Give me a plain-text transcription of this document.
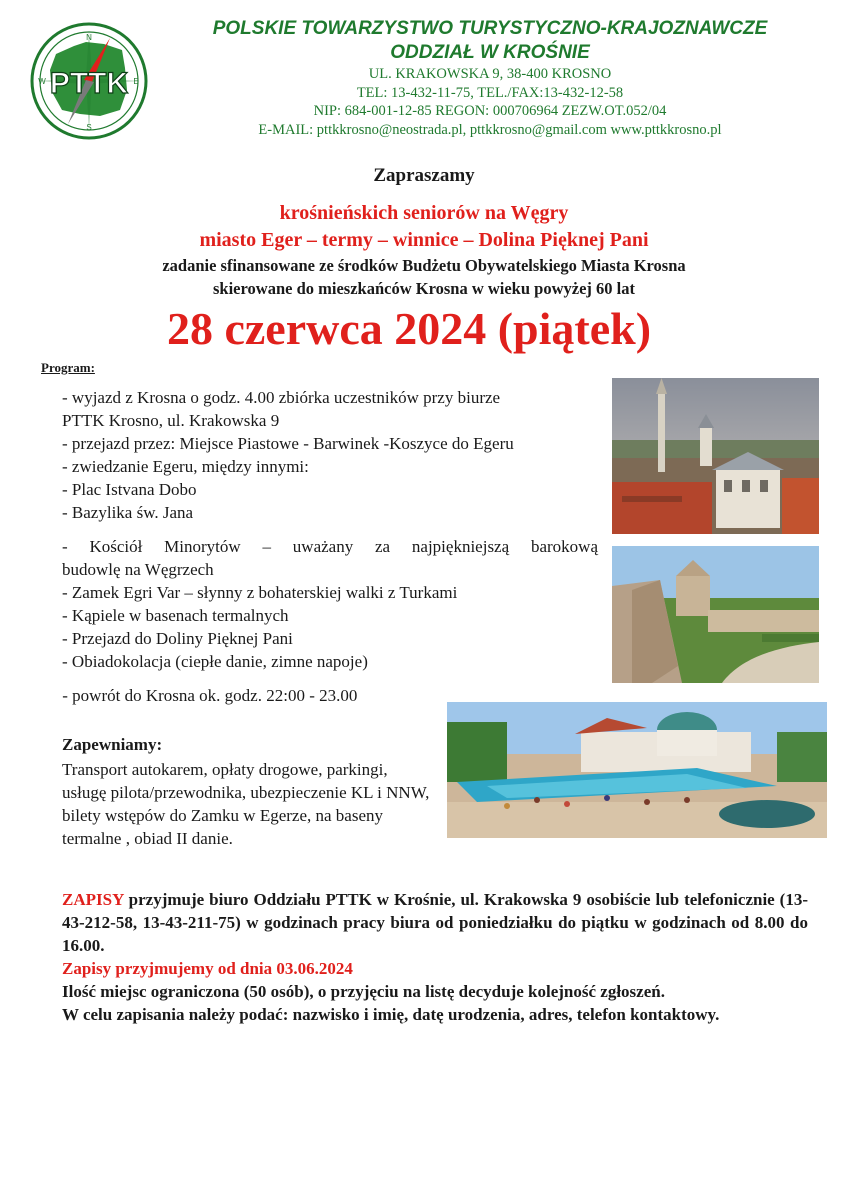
PTTK
N
E
S
W
POLSKIE TOWARZYSTWO TURYSTYCZNO-KRAJOZNAWCZE
ODDZIAŁ W KROŚNIE
UL. KRAKOWSKA 9, 38-400 KROSNO
TEL: 13-432-11-75, TEL./FAX:13-432-12-58
NIP: 684-001-12-85 REGON: 000706964 ZEZW.OT.052/04
E-MAIL: pttkkrosno@neostrada.pl, pttkkrosno@gmail.com www.pttkkrosno.pl
Zapraszamy
krośnieńskich seniorów na Węgry
miasto Eger – termy – winnice – Dolina Pięknej Pani
zadanie sfinansowane ze środków Budżetu Obywatelskiego Miasta Krosna
skierowane do mieszkańców Krosna w wieku powyżej 60 lat
28 czerwca 2024 (piątek)
Program:
- wyjazd z Krosna o godz. 4.00 zbiórka uczestników przy biurze
PTTK Krosno, ul. Krakowska 9
- przejazd przez: Miejsce Piastowe - Barwinek -Koszyce do Egeru
- zwiedzanie Egeru, między innymi:
- Plac Istvana Dobo
- Bazylika św. Jana
- Kościół Minorytów – uważany za najpiękniejszą barokową
budowlę na Węgrzech
- Zamek Egri Var – słynny z bohaterskiej walki z Turkami
- Kąpiele w basenach termalnych
- Przejazd do Doliny Pięknej Pani
- Obiadokolacja (ciepłe danie, zimne napoje)
- powrót do Krosna ok. godz. 22:00 - 23.00
Zapewniamy:
Transport autokarem, opłaty drogowe, parkingi, usługę pilota/przewodnika, ubezpieczenie KL i NNW, bilety wstępów do Zamku w Egerze, na baseny termalne , obiad II danie.
ZAPISY przyjmuje biuro Oddziału PTTK w Krośnie, ul. Krakowska 9 osobiście lub telefonicznie (13-43-212-58, 13-43-211-75) w godzinach pracy biura od poniedziałku do piątku w godzinach od 8.00 do 16.00.
Zapisy przyjmujemy od dnia 03.06.2024
Ilość miejsc ograniczona (50 osób), o przyjęciu na listę decyduje kolejność zgłoszeń.
W celu zapisania należy podać: nazwisko i imię, datę urodzenia, adres, telefon kontaktowy.
